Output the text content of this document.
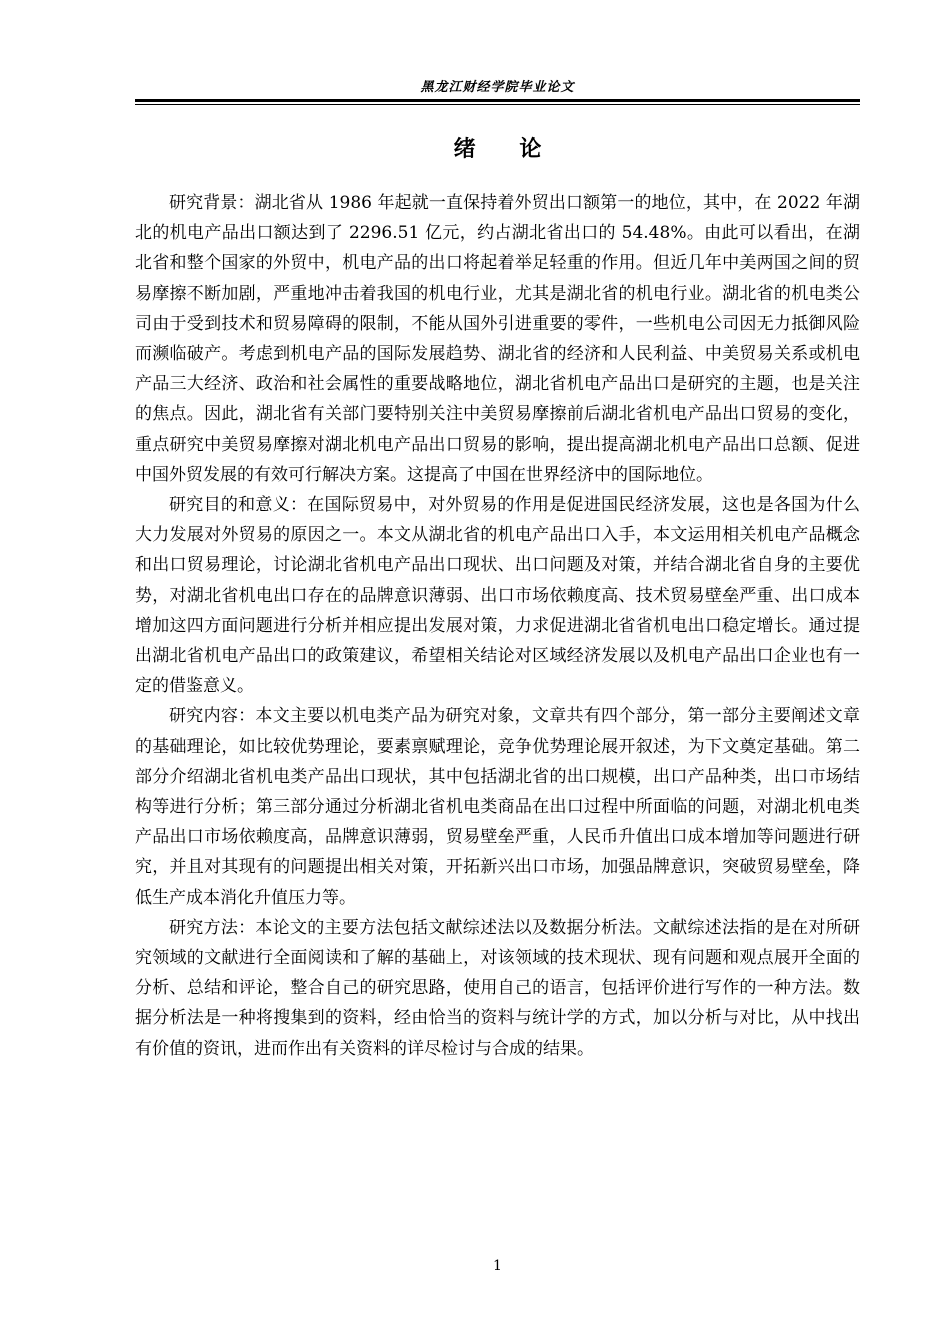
黑龙江财经学院毕业论文
绪 论

研究背景：湖北省从 1986 年起就一直保持着外贸出口额第一的地位，其中，在 2022 年湖北的机电产品出口额达到了 2296.51 亿元，约占湖北省出口的 54.48%。由此可以看出，在湖北省和整个国家的外贸中，机电产品的出口将起着举足轻重的作用。但近几年中美两国之间的贸易摩擦不断加剧，严重地冲击着我国的机电行业，尤其是湖北省的机电行业。湖北省的机电类公司由于受到技术和贸易障碍的限制，不能从国外引进重要的零件，一些机电公司因无力抵御风险而濒临破产。考虑到机电产品的国际发展趋势、湖北省的经济和人民利益、中美贸易关系或机电产品三大经济、政治和社会属性的重要战略地位，湖北省机电产品出口是研究的主题，也是关注的焦点。因此，湖北省有关部门要特别关注中美贸易摩擦前后湖北省机电产品出口贸易的变化，重点研究中美贸易摩擦对湖北机电产品出口贸易的影响，提出提高湖北机电产品出口总额、促进中国外贸发展的有效可行解决方案。这提高了中国在世界经济中的国际地位。

研究目的和意义：在国际贸易中，对外贸易的作用是促进国民经济发展，这也是各国为什么大力发展对外贸易的原因之一。本文从湖北省的机电产品出口入手，本文运用相关机电产品概念和出口贸易理论，讨论湖北省机电产品出口现状、出口问题及对策，并结合湖北省自身的主要优势，对湖北省机电出口存在的品牌意识薄弱、出口市场依赖度高、技术贸易壁垒严重、出口成本增加这四方面问题进行分析并相应提出发展对策，力求促进湖北省省机电出口稳定增长。通过提出湖北省机电产品出口的政策建议，希望相关结论对区域经济发展以及机电产品出口企业也有一定的借鉴意义。

研究内容：本文主要以机电类产品为研究对象，文章共有四个部分，第一部分主要阐述文章的基础理论，如比较优势理论，要素禀赋理论，竞争优势理论展开叙述，为下文奠定基础。第二部分介绍湖北省机电类产品出口现状，其中包括湖北省的出口规模，出口产品种类，出口市场结构等进行分析；第三部分通过分析湖北省机电类商品在出口过程中所面临的问题，对湖北机电类产品出口市场依赖度高，品牌意识薄弱，贸易壁垒严重，人民币升值出口成本增加等问题进行研究，并且对其现有的问题提出相关对策，开拓新兴出口市场，加强品牌意识，突破贸易壁垒，降低生产成本消化升值压力等。

研究方法：本论文的主要方法包括文献综述法以及数据分析法。文献综述法指的是在对所研究领域的文献进行全面阅读和了解的基础上，对该领域的技术现状、现有问题和观点展开全面的分析、总结和评论，整合自己的研究思路，使用自己的语言，包括评价进行写作的一种方法。数据分析法是一种将搜集到的资料，经由恰当的资料与统计学的方式，加以分析与对比，从中找出有价值的资讯，进而作出有关资料的详尽检讨与合成的结果。

1
